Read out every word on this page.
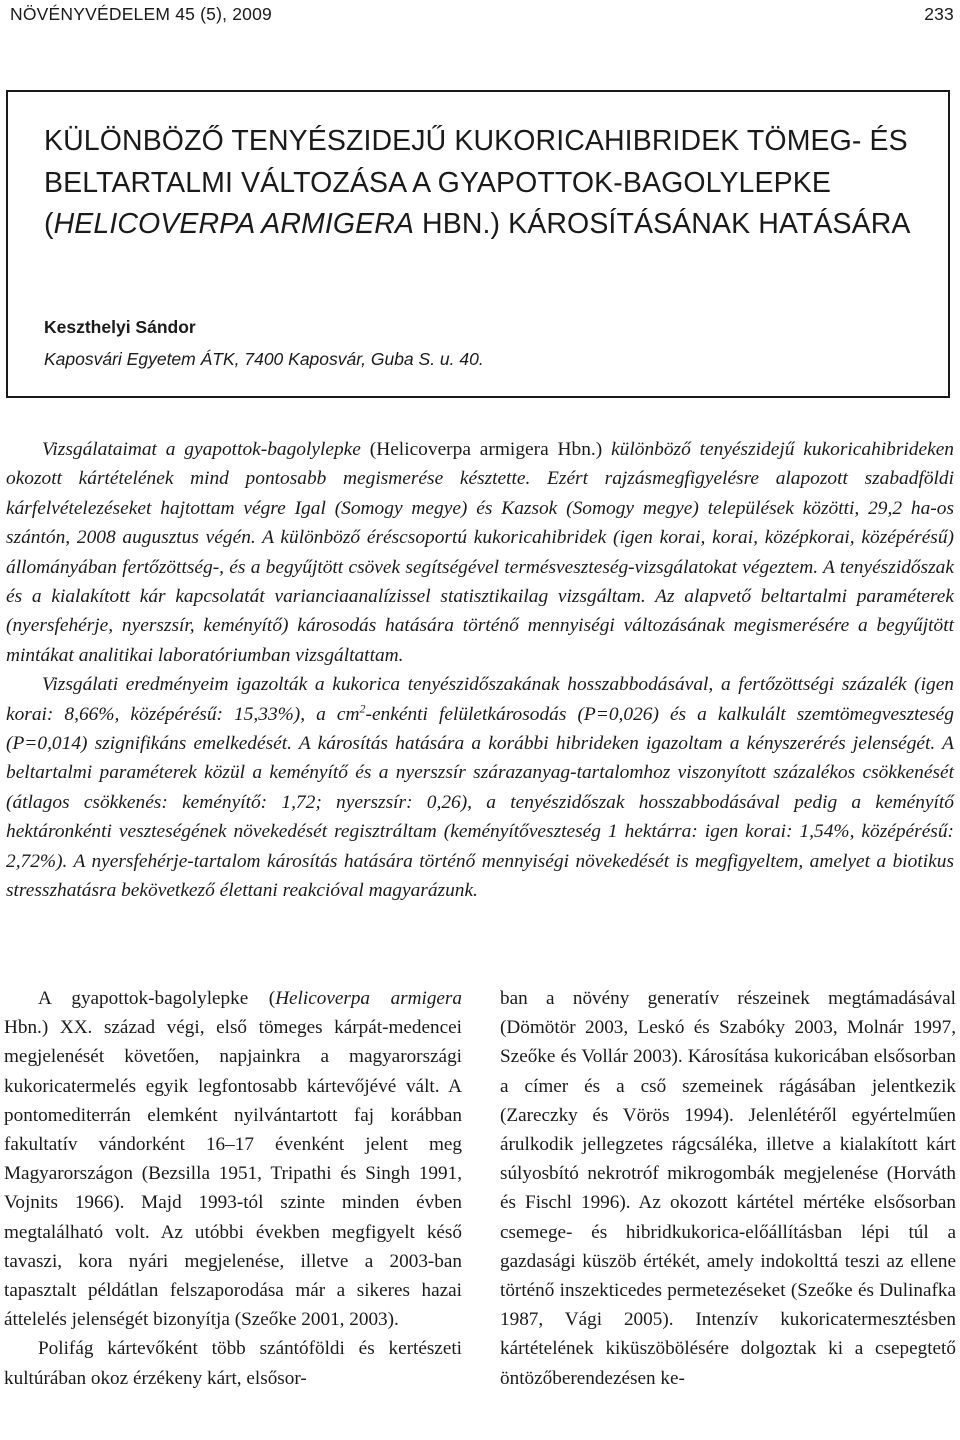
NÖVÉNYVÉDELEM 45 (5), 2009	233
KÜLÖNBÖZŐ TENYÉSZIDEJŰ KUKORICAHIBRIDEK TÖMEG- ÉS BELTARTALMI VÁLTOZÁSA A GYAPOTTOK-BAGOLYLEPKE (HELICOVERPA ARMIGERA HBN.) KÁROSÍTÁSÁNAK HATÁSÁRA
Keszthelyi Sándor
Kaposvári Egyetem ÁTK, 7400 Kaposvár, Guba S. u. 40.

Vizsgálataimat a gyapottok-bagolylepke (Helicoverpa armigera Hbn.) különböző tenyészidejű kukoricahibrideken okozott kártételének mind pontosabb megismerése késztette. Ezért rajzásmegfigyelésre alapozott szabadföldi kárfelvételezéseket hajtottam végre Igal (Somogy megye) és Kazsok (Somogy megye) települések közötti, 29,2 ha-os szántón, 2008 augusztus végén. A különböző éréscsoportú kukoricahibridek (igen korai, korai, középkorai, középérésű) állományában fertőzöttség-, és a begyűjtött csövek segítségével termésveszteség-vizsgálatokat végeztem. A tenyészidőszak és a kialakított kár kapcsolatát varianciaanalízissel statisztikailag vizsgáltam. Az alapvető beltartalmi paraméterek (nyersfehérje, nyerszsír, keményítő) károsodás hatására történő mennyiségi változásának megismerésére a begyűjtött mintákat analitikai laboratóriumban vizsgáltattam.

Vizsgálati eredményeim igazolták a kukorica tenyészidőszakának hosszabbodásával, a fertőzöttségi százalék (igen korai: 8,66%, középérésű: 15,33%), a $cm^2$-enkénti felületkárosodás (P=0,026) és a kalkulált szemtömegveszteség (P=0,014) szignifikáns emelkedését. A károsítás hatására a korábbi hibrideken igazoltam a kényszerérés jelenségét. A beltartalmi paraméterek közül a keményítő és a nyerszsír szárazanyag-tartalomhoz viszonyított százalékos csökkenését (átlagos csökkenés: keményítő: 1,72; nyerszsír: 0,26), a tenyészidőszak hosszabbodásával pedig a keményítő hektáronkénti veszteségének növekedését regisztráltam (keményítőveszteség 1 hektárra: igen korai: 1,54%, középérésű: 2,72%). A nyersfehérje-tartalom károsítás hatására történő mennyiségi növekedését is megfigyeltem, amelyet a biotikus stresszhatásra bekövetkező élettani reakcióval magyarázunk.

A gyapottok-bagolylepke (Helicoverpa armigera Hbn.) XX. század végi, első tömeges kárpát-medencei megjelenését követően, napjainkra a magyarországi kukoricatermelés egyik legfontosabb kártevőjévé vált. A pontomediterrán elemként nyilvántartott faj korábban fakultatív vándorként 16–17 évenként jelent meg Magyarországon (Bezsilla 1951, Tripathi és Singh 1991, Vojnits 1966). Majd 1993-tól szinte minden évben megtalálható volt. Az utóbbi években megfigyelt késő tavaszi, kora nyári megjelenése, illetve a 2003-ban tapasztalt példátlan felszaporodása már a sikeres hazai áttelelés jelenségét bizonyítja (Szeőke 2001, 2003).

Polifág kártevőként több szántóföldi és kertészeti kultúrában okoz érzékeny kárt, elsősor-

ban a növény generatív részeinek megtámadásával (Dömötör 2003, Leskó és Szabóky 2003, Molnár 1997, Szeőke és Vollár 2003). Károsítása kukoricában elsősorban a címer és a cső szemeinek rágásában jelentkezik (Zareczky és Vörös 1994). Jelenlétéről egyértelműen árulkodik jellegzetes rágcsáléka, illetve a kialakított kárt súlyosbító nekrotróf mikrogombák megjelenése (Horváth és Fischl 1996). Az okozott kártétel mértéke elsősorban csemege- és hibridkukorica-előállításban lépi túl a gazdasági küszöb értékét, amely indokolttá teszi az ellene történő inszekticedes permetezéseket (Szeőke és Dulinafka 1987, Vági 2005). Intenzív kukoricatermesztésben kártételének kiküszöbölésére dolgoztak ki a csepegtető öntözőberendezésen ke-
